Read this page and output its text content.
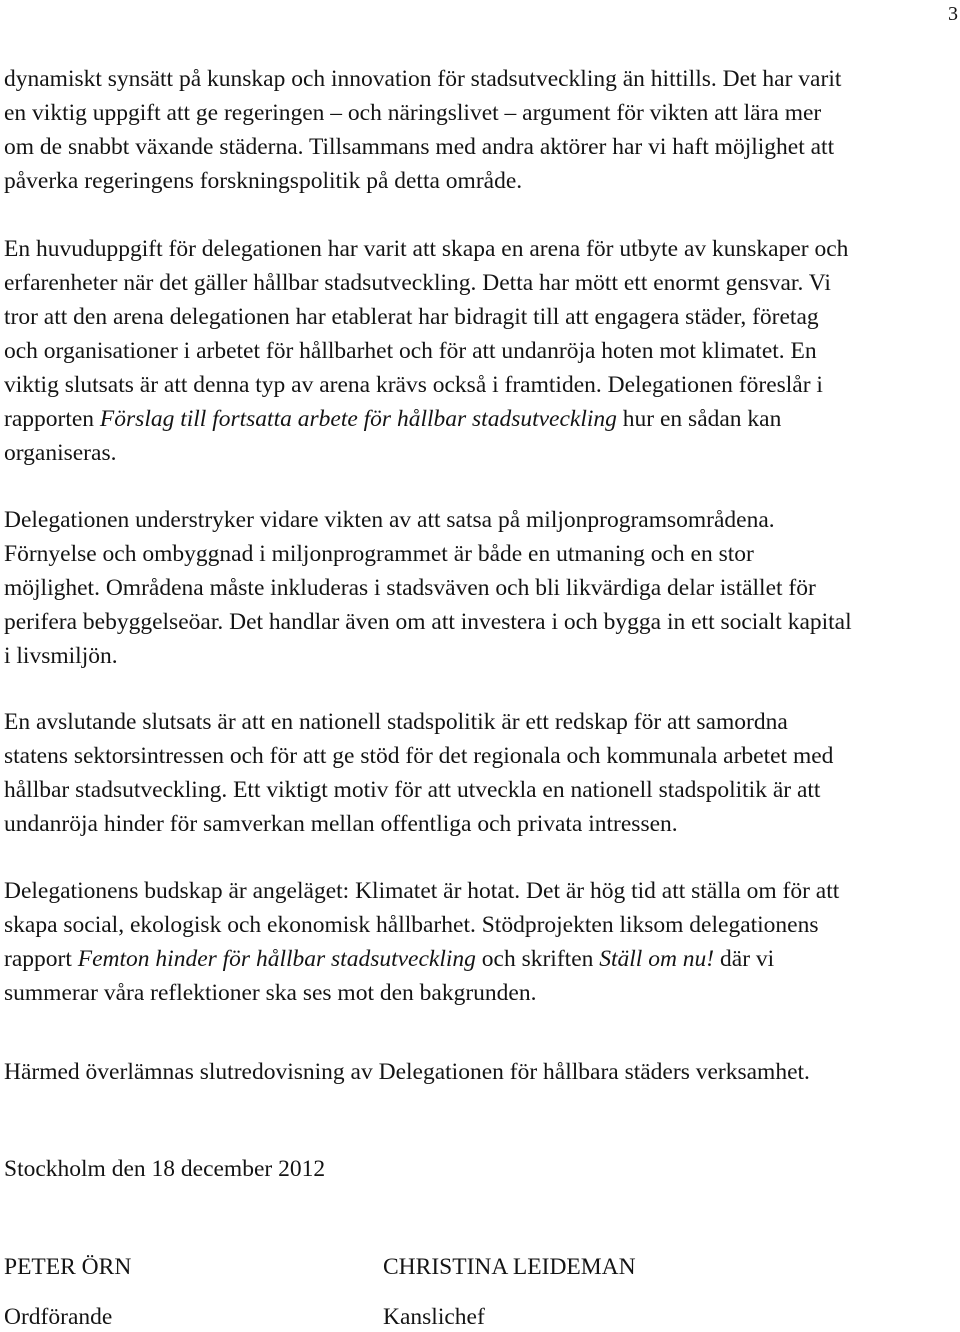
3

dynamiskt synsätt på kunskap och innovation för stadsutveckling än hittills. Det har varit
en viktig uppgift att ge regeringen – och näringslivet – argument för vikten att lära mer
om de snabbt växande städerna. Tillsammans med andra aktörer har vi haft möjlighet att
påverka regeringens forskningspolitik på detta område.

En huvuduppgift för delegationen har varit att skapa en arena för utbyte av kunskaper och
erfarenheter när det gäller hållbar stadsutveckling. Detta har mött ett enormt gensvar. Vi
tror att den arena delegationen har etablerat har bidragit till att engagera städer, företag
och organisationer i arbetet för hållbarhet och för att undanröja hoten mot klimatet. En
viktig slutsats är att denna typ av arena krävs också i framtiden. Delegationen föreslår i
rapporten Förslag till fortsatta arbete för hållbar stadsutveckling hur en sådan kan
organiseras.

Delegationen understryker vidare vikten av att satsa på miljonprogramsområdena.
Förnyelse och ombyggnad i miljonprogrammet är både en utmaning och en stor
möjlighet. Områdena måste inkluderas i stadsväven och bli likvärdiga delar istället för
perifera bebyggelseöar. Det handlar även om att investera i och bygga in ett socialt kapital
i livsmiljön.

En avslutande slutsats är att en nationell stadspolitik är ett redskap för att samordna
statens sektorsintressen och för att ge stöd för det regionala och kommunala arbetet med
hållbar stadsutveckling. Ett viktigt motiv för att utveckla en nationell stadspolitik är att
undanröja hinder för samverkan mellan offentliga och privata intressen.

Delegationens budskap är angeläget: Klimatet är hotat. Det är hög tid att ställa om för att
skapa social, ekologisk och ekonomisk hållbarhet. Stödprojekten liksom delegationens
rapport Femton hinder för hållbar stadsutveckling och skriften Ställ om nu! där vi
summerar våra reflektioner ska ses mot den bakgrunden.

Härmed överlämnas slutredovisning av Delegationen för hållbara städers verksamhet.

Stockholm den 18 december 2012
PETER ÖRN
Ordförande
CHRISTINA LEIDEMAN
Kanslichef
